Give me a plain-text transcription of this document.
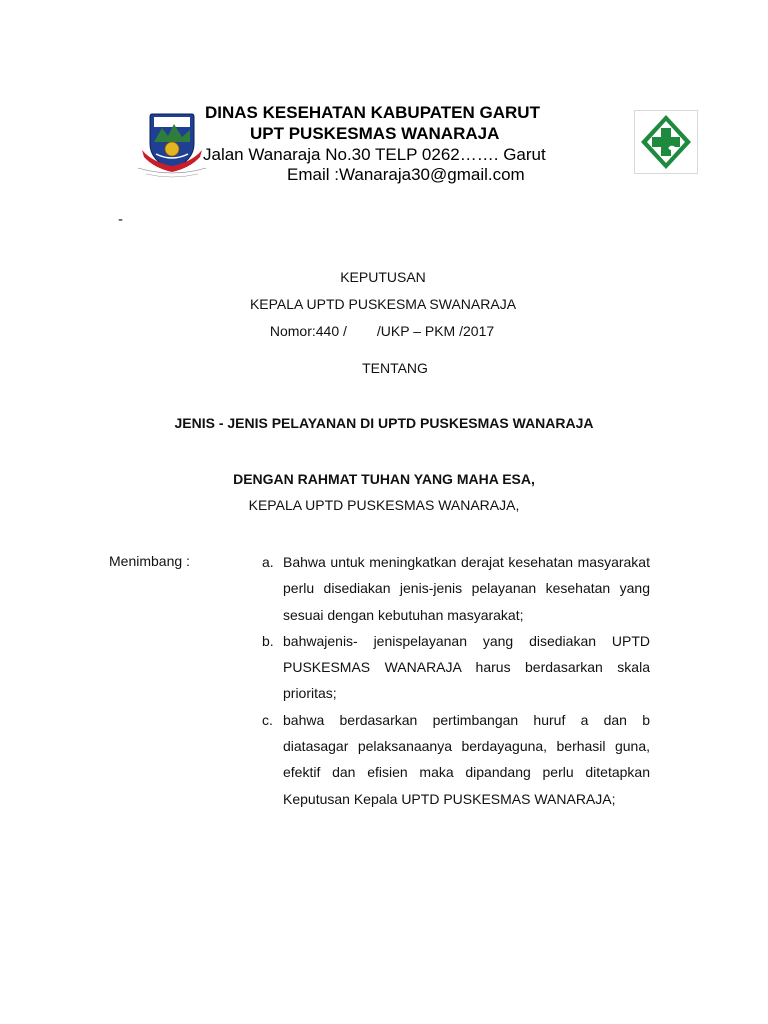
DINAS KESEHATAN KABUPATEN GARUT
UPT PUSKESMAS WANARAJA
Jalan Wanaraja No.30 TELP 0262……. Garut
Email :Wanaraja30@gmail.com
-
KEPUTUSAN
KEPALA UPTD PUSKESMA SWANARAJA
Nomor:440 / /UKP – PKM /2017
TENTANG
JENIS - JENIS PELAYANAN DI UPTD PUSKESMAS WANARAJA
DENGAN RAHMAT TUHAN YANG MAHA ESA,
KEPALA UPTD PUSKESMAS WANARAJA,
Menimbang :	a. Bahwa untuk meningkatkan derajat kesehatan masyarakat perlu disediakan jenis-jenis pelayanan kesehatan yang sesuai dengan kebutuhan masyarakat;
b. bahwajenis- jenispelayanan yang disediakan UPTD PUSKESMAS WANARAJA harus berdasarkan skala prioritas;
c. bahwa berdasarkan pertimbangan huruf a dan b diatasagar pelaksanaanya berdayaguna, berhasil guna, efektif dan efisien maka dipandang perlu ditetapkan Keputusan Kepala UPTD PUSKESMAS WANARAJA;
